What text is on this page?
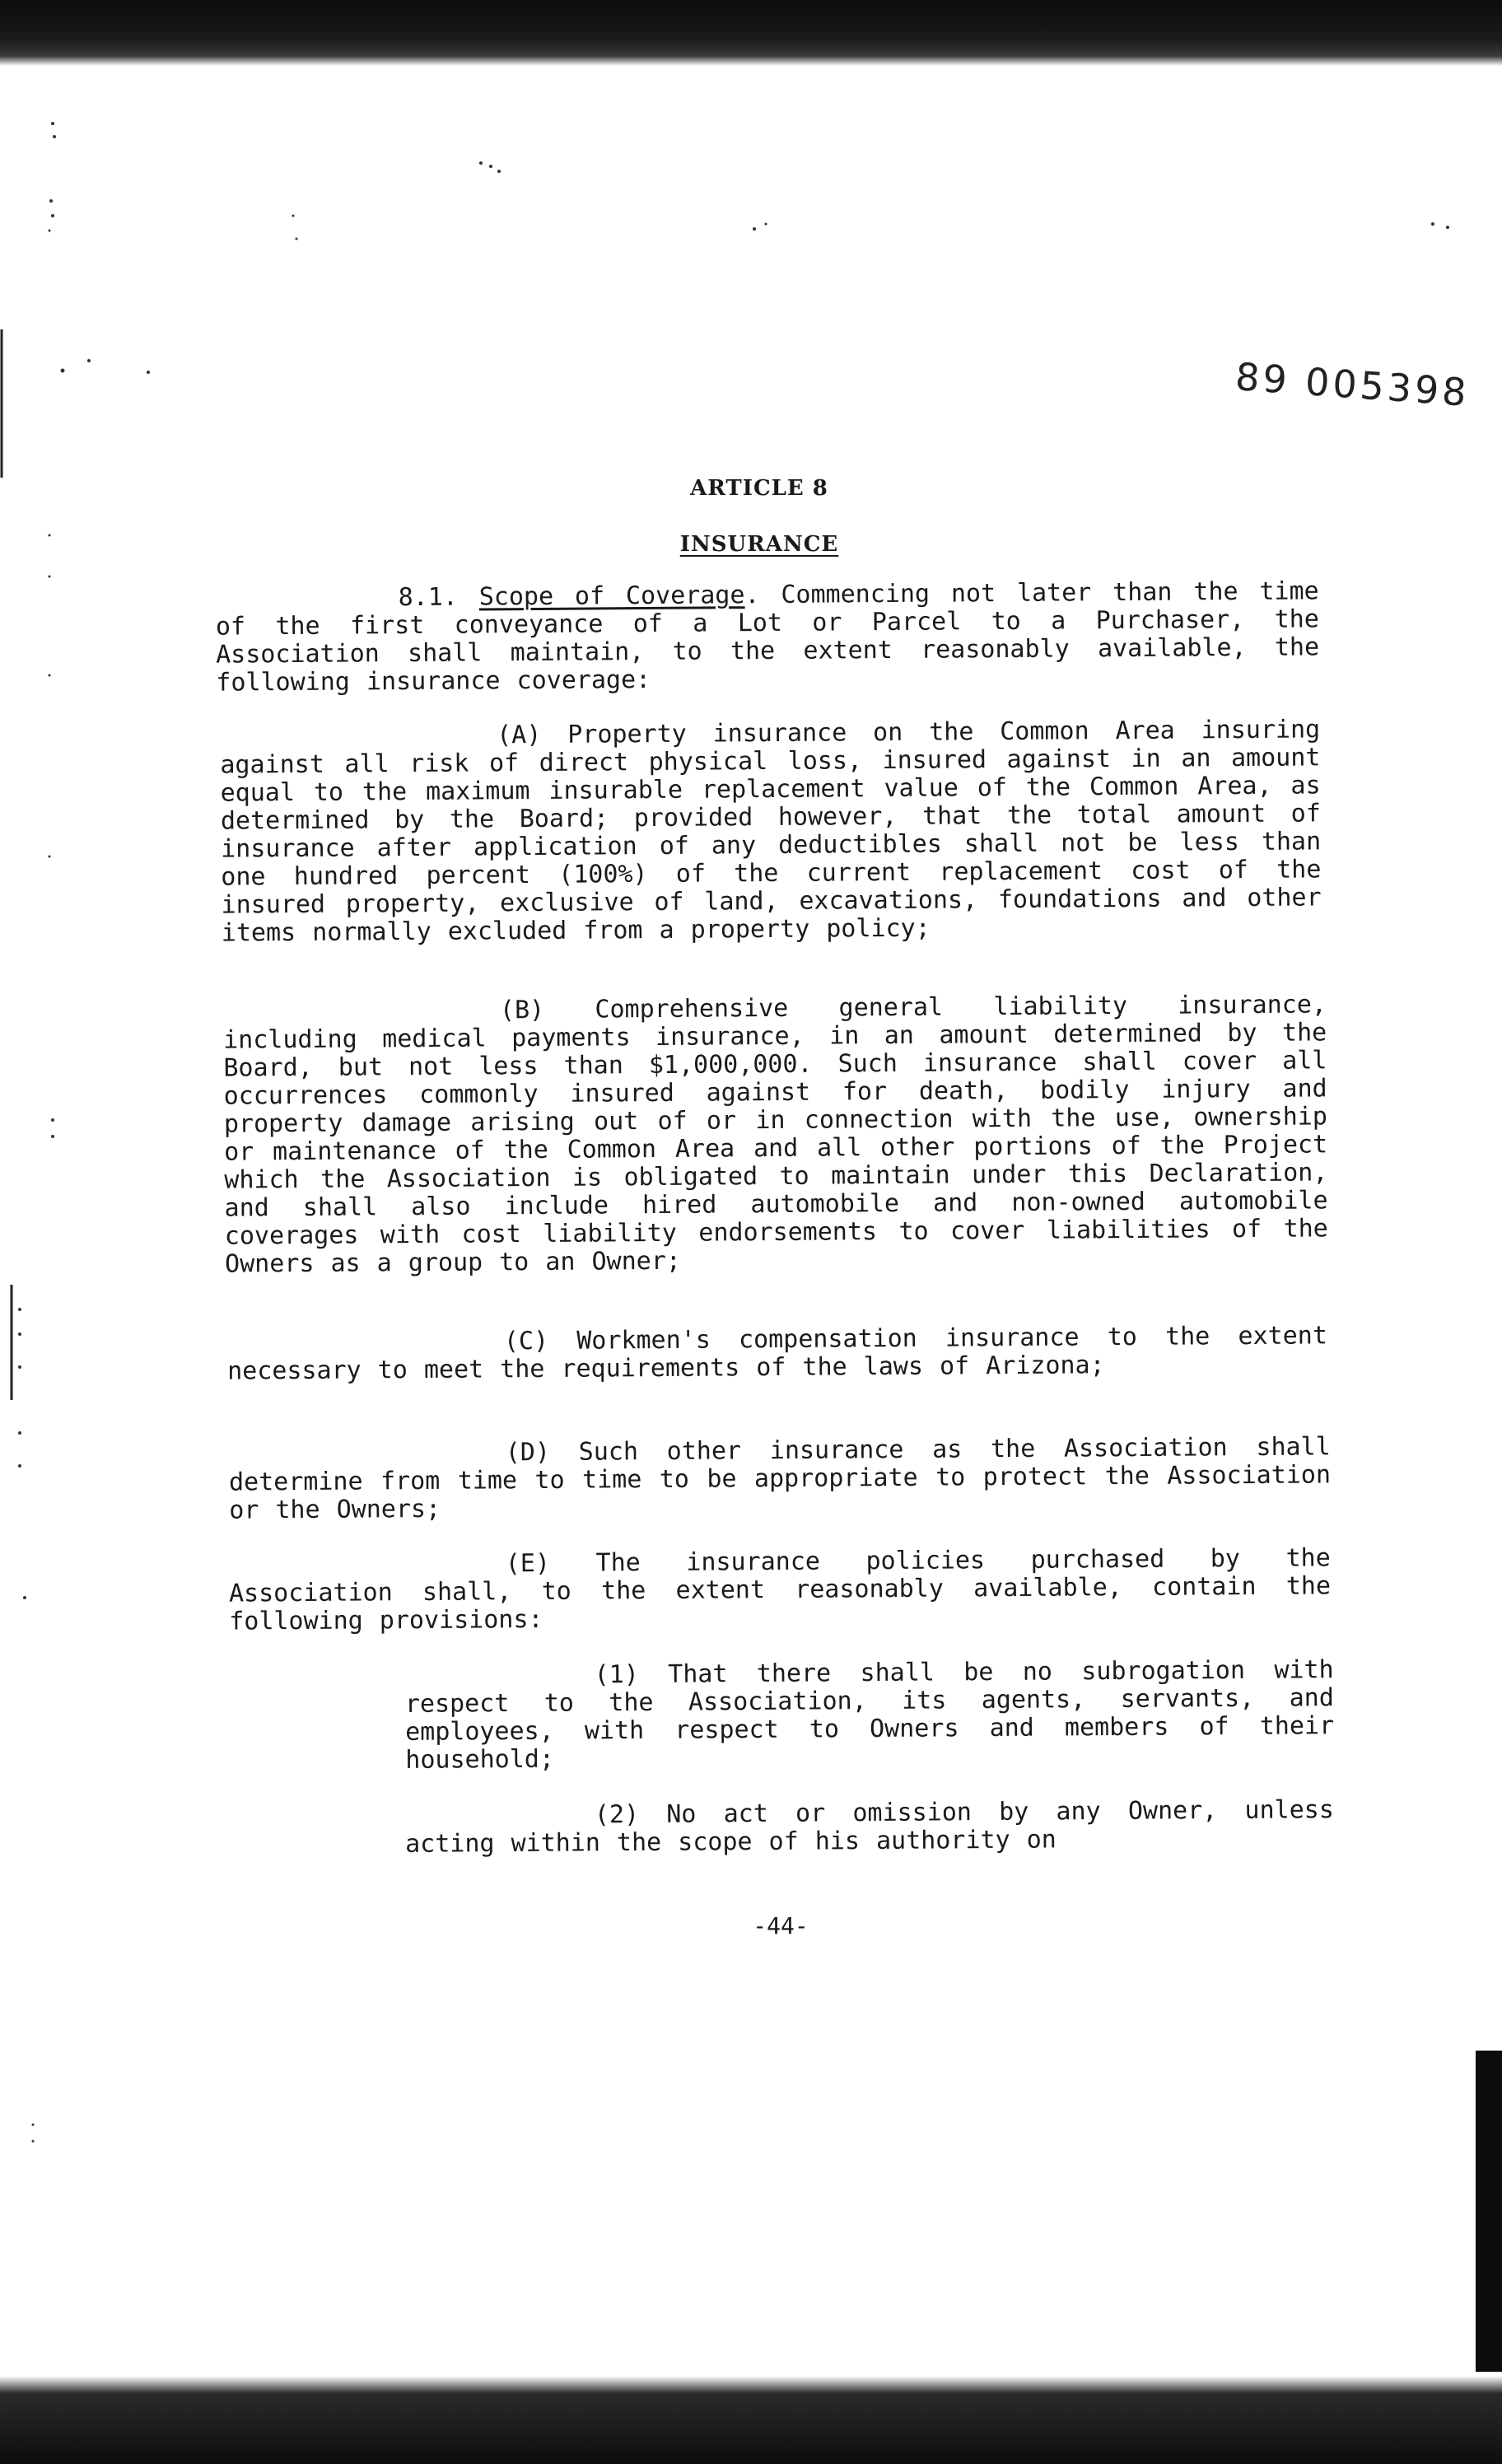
89 005398
ARTICLE 8
INSURANCE
8.1. Scope of Coverage. Commencing not later than the time of the first conveyance of a Lot or Parcel to a Purchaser, the Association shall maintain, to the extent reasonably available, the following insurance coverage:
(A) Property insurance on the Common Area insuring against all risk of direct physical loss, insured against in an amount equal to the maximum insurable replacement value of the Common Area, as determined by the Board; provided however, that the total amount of insurance after application of any deductibles shall not be less than one hundred percent (100%) of the current replacement cost of the insured property, exclusive of land, excavations, foundations and other items normally excluded from a property policy;
(B) Comprehensive general liability insurance, including medical payments insurance, in an amount determined by the Board, but not less than $1,000,000. Such insurance shall cover all occurrences commonly insured against for death, bodily injury and property damage arising out of or in connection with the use, ownership or maintenance of the Common Area and all other portions of the Project which the Association is obligated to maintain under this Declaration, and shall also include hired automobile and non-owned automobile coverages with cost liability endorsements to cover liabilities of the Owners as a group to an Owner;
(C) Workmen's compensation insurance to the extent necessary to meet the requirements of the laws of Arizona;
(D) Such other insurance as the Association shall determine from time to time to be appropriate to protect the Association or the Owners;
(E) The insurance policies purchased by the Association shall, to the extent reasonably available, contain the following provisions:
(1) That there shall be no subrogation with respect to the Association, its agents, servants, and employees, with respect to Owners and members of their household;
(2) No act or omission by any Owner, unless acting within the scope of his authority on
-44-
